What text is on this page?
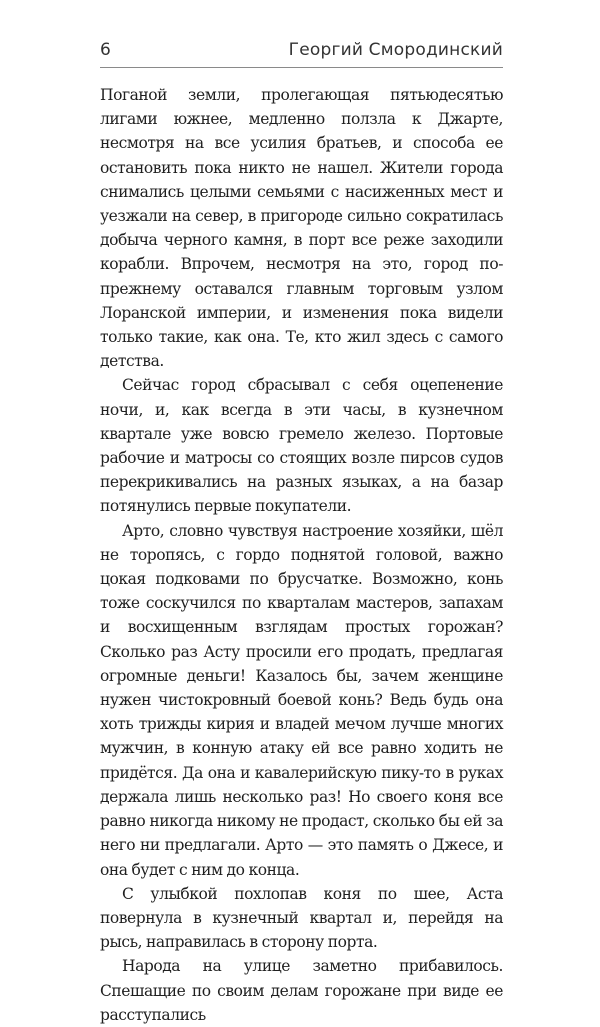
6	Георгий Смородинский

Поганой земли, пролегающая пятьюдесятью лигами южнее, медленно ползла к Джарте, несмотря на все усилия братьев, и способа ее остановить пока никто не нашел. Жители города снимались целыми семьями с насиженных мест и уезжали на север, в пригороде сильно сократилась добыча черного камня, в порт все реже заходили корабли. Впрочем, несмотря на это, город по-прежнему оставался главным торговым узлом Лоранской империи, и изменения пока видели только такие, как она. Те, кто жил здесь с самого детства.

Сейчас город сбрасывал с себя оцепенение ночи, и, как всегда в эти часы, в кузнечном квартале уже вовсю гремело железо. Портовые рабочие и матросы со стоящих возле пирсов судов перекрикивались на разных языках, а на базар потянулись первые покупатели.

Арто, словно чувствуя настроение хозяйки, шёл не торопясь, с гордо поднятой головой, важно цокая подковами по брусчатке. Возможно, конь тоже соскучился по кварталам мастеров, запахам и восхищенным взглядам простых горожан? Сколько раз Асту просили его продать, предлагая огромные деньги! Казалось бы, зачем женщине нужен чистокровный боевой конь? Ведь будь она хоть трижды кирия и владей мечом лучше многих мужчин, в конную атаку ей все равно ходить не придётся. Да она и кавалерийскую пику-то в руках держала лишь несколько раз! Но своего коня все равно никогда никому не продаст, сколько бы ей за него ни предлагали. Арто — это память о Джесе, и она будет с ним до конца.

С улыбкой похлопав коня по шее, Аста повернула в кузнечный квартал и, перейдя на рысь, направилась в сторону порта.

Народа на улице заметно прибавилось. Спешащие по своим делам горожане при виде ее расступались
